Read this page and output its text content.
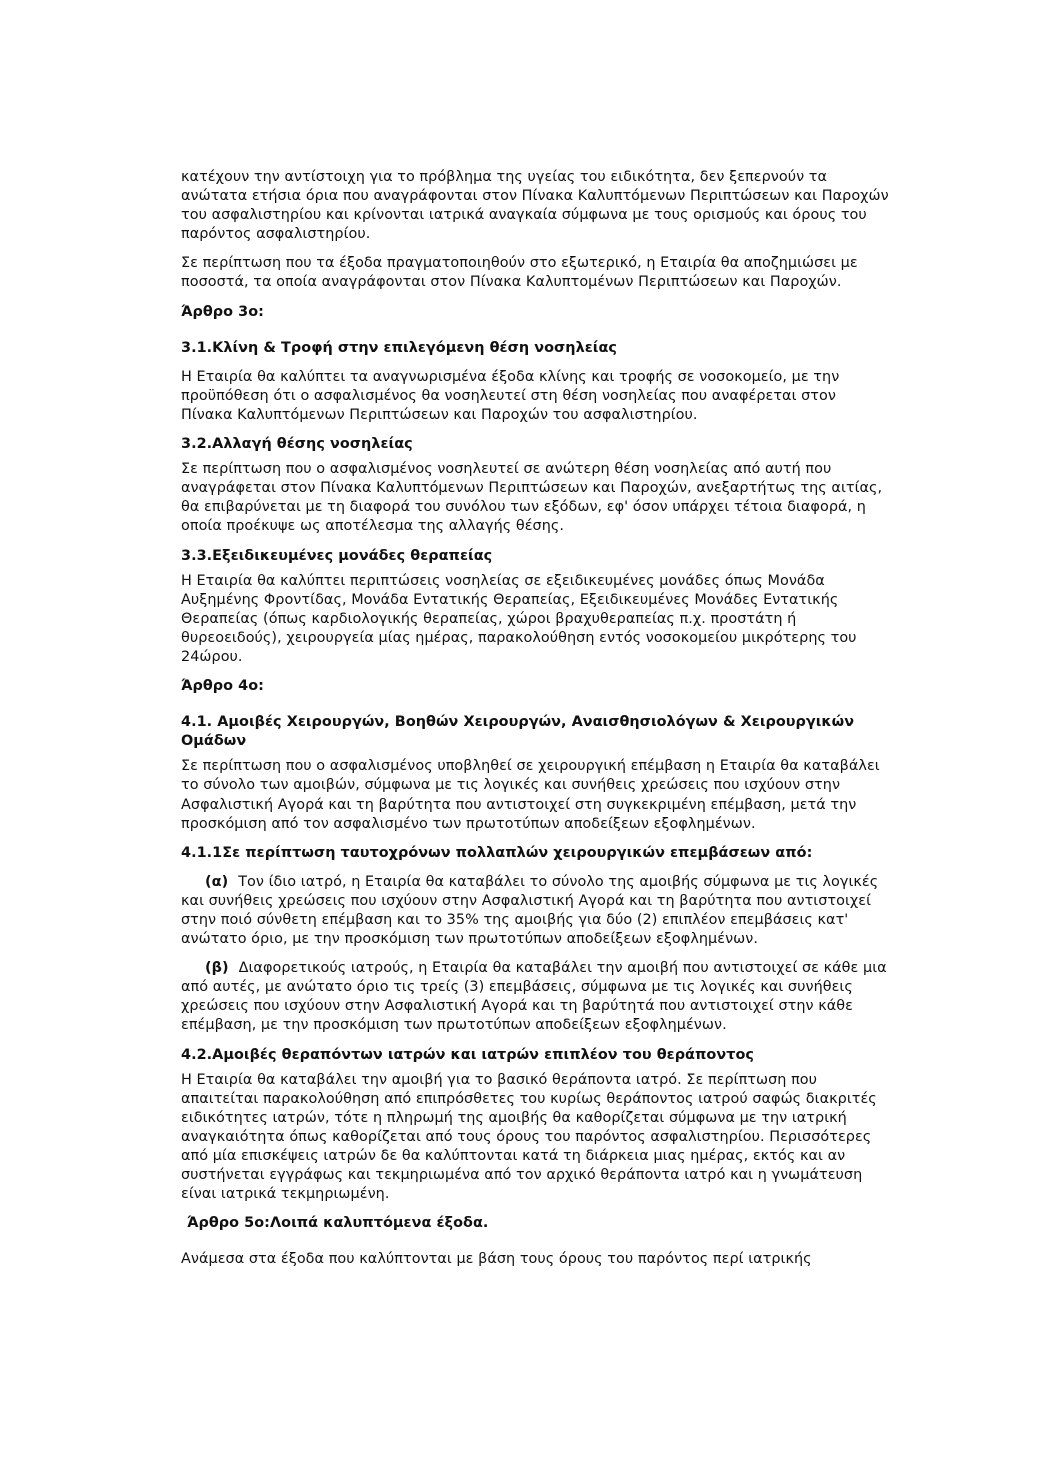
κατέχουν την αντίστοιχη για το πρόβλημα της υγείας του ειδικότητα, δεν ξεπερνούν τα ανώτατα ετήσια όρια που αναγράφονται στον Πίνακα Καλυπτόμενων Περιπτώσεων και Παροχών του ασφαλιστηρίου και κρίνονται ιατρικά αναγκαία σύμφωνα με τους ορισμούς και όρους του παρόντος ασφαλιστηρίου.

Σε περίπτωση που τα έξοδα πραγματοποιηθούν στο εξωτερικό, η Εταιρία θα αποζημιώσει με ποσοστά, τα οποία αναγράφονται στον Πίνακα Καλυπτομένων Περιπτώσεων και Παροχών.

Άρθρο 3ο:

3.1.Κλίνη & Τροφή στην επιλεγόμενη θέση νοσηλείας

Η Εταιρία θα καλύπτει τα αναγνωρισμένα έξοδα κλίνης και τροφής σε νοσοκομείο, με την προϋπόθεση ότι ο ασφαλισμένος θα νοσηλευτεί στη θέση νοσηλείας που αναφέρεται στον Πίνακα Καλυπτόμενων Περιπτώσεων και Παροχών του ασφαλιστηρίου.

3.2.Αλλαγή θέσης νοσηλείας

Σε περίπτωση που ο ασφαλισμένος νοσηλευτεί σε ανώτερη θέση νοσηλείας από αυτή που αναγράφεται στον Πίνακα Καλυπτόμενων Περιπτώσεων και Παροχών, ανεξαρτήτως της αιτίας, θα επιβαρύνεται με τη διαφορά του συνόλου των εξόδων, εφ' όσον υπάρχει τέτοια διαφορά, η οποία προέκυψε ως αποτέλεσμα της αλλαγής θέσης.

3.3.Εξειδικευμένες μονάδες θεραπείας

Η Εταιρία θα καλύπτει περιπτώσεις νοσηλείας σε εξειδικευμένες μονάδες όπως Μονάδα Αυξημένης Φροντίδας, Μονάδα Εντατικής Θεραπείας, Εξειδικευμένες Μονάδες Εντατικής Θεραπείας (όπως καρδιολογικής θεραπείας, χώροι βραχυθεραπείας π.χ. προστάτη ή θυρεοειδούς), χειρουργεία μίας ημέρας, παρακολούθηση εντός νοσοκομείου μικρότερης του 24ώρου.

Άρθρο 4ο:

4.1. Αμοιβές Χειρουργών, Βοηθών Χειρουργών, Αναισθησιολόγων & Χειρουργικών Ομάδων

Σε περίπτωση που ο ασφαλισμένος υποβληθεί σε χειρουργική επέμβαση η Εταιρία θα καταβάλει το σύνολο των αμοιβών, σύμφωνα με τις λογικές και συνήθεις χρεώσεις που ισχύουν στην Ασφαλιστική Αγορά και τη βαρύτητα που αντιστοιχεί στη συγκεκριμένη επέμβαση, μετά την προσκόμιση από τον ασφαλισμένο των πρωτοτύπων αποδείξεων εξοφλημένων.

4.1.1Σε περίπτωση ταυτοχρόνων πολλαπλών χειρουργικών επεμβάσεων από:

(α) Τον ίδιο ιατρό, η Εταιρία θα καταβάλει το σύνολο της αμοιβής σύμφωνα με τις λογικές και συνήθεις χρεώσεις που ισχύουν στην Ασφαλιστική Αγορά και τη βαρύτητα που αντιστοιχεί στην ποιό σύνθετη επέμβαση και το 35% της αμοιβής για δύο (2) επιπλέον επεμβάσεις κατ' ανώτατο όριο, με την προσκόμιση των πρωτοτύπων αποδείξεων εξοφλημένων.

(β) Διαφορετικούς ιατρούς, η Εταιρία θα καταβάλει την αμοιβή που αντιστοιχεί σε κάθε μια από αυτές, με ανώτατο όριο τις τρείς (3) επεμβάσεις, σύμφωνα με τις λογικές και συνήθεις χρεώσεις που ισχύουν στην Ασφαλιστική Αγορά και τη βαρύτητά που αντιστοιχεί στην κάθε επέμβαση, με την προσκόμιση των πρωτοτύπων αποδείξεων εξοφλημένων.

4.2.Αμοιβές θεραπόντων ιατρών και ιατρών επιπλέον του θεράποντος

Η Εταιρία θα καταβάλει την αμοιβή για το βασικό θεράποντα ιατρό. Σε περίπτωση που απαιτείται παρακολούθηση από επιπρόσθετες του κυρίως θεράποντος ιατρού σαφώς διακριτές ειδικότητες ιατρών, τότε η πληρωμή της αμοιβής θα καθορίζεται σύμφωνα με την ιατρική αναγκαιότητα όπως καθορίζεται από τους όρους του παρόντος ασφαλιστηρίου. Περισσότερες από μία επισκέψεις ιατρών δε θα καλύπτονται κατά τη διάρκεια μιας ημέρας, εκτός και αν συστήνεται εγγράφως και τεκμηριωμένα από τον αρχικό θεράποντα ιατρό και η γνωμάτευση είναι ιατρικά τεκμηριωμένη.

Άρθρο 5ο:Λοιπά καλυπτόμενα έξοδα.

Ανάμεσα στα έξοδα που καλύπτονται με βάση τους όρους του παρόντος περί ιατρικής
